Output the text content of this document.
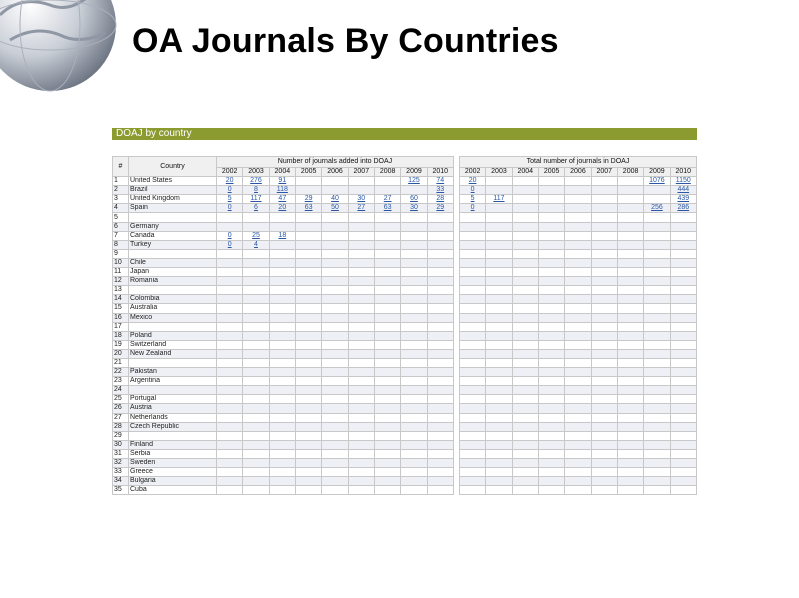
OA Journals By Countries
DOAJ by country
#	Country	Number of journals added into DOAJ										Total number of journals in DOAJ								
		2002	2003	2004	2005	2006	2007	2008	2009	2010		2002	2003	2004	2005	2006	2007	2008	2009	2010
1	United States	20	276	91					125	74		20							1076	1150
2	Brazil	0	8	118						33		0								444
3	United Kingdom	5	117	47	29	40	30	27	60	28		5	117							439
4	Spain	0	6	20	63	50	27	63	30	29		0							256	286
5																				
6	Germany																			
7	Canada	0	25	18																
8	Turkey	0	4																	
9																				
10	Chile																			
11	Japan																			
12	Romania																			
13																				
14	Colombia																			
15	Australia																			
16	Mexico																			
17																				
18	Poland																			
19	Switzerland																			
20	New Zealand																			
21																				
22	Pakistan																			
23	Argentina																			
24																				
25	Portugal																			
26	Austria																			
27	Netherlands																			
28	Czech Republic																			
29																				
30	Finland																			
31	Serbia																			
32	Sweden																			
33	Greece																			
34	Bulgaria																			
35	Cuba																			
